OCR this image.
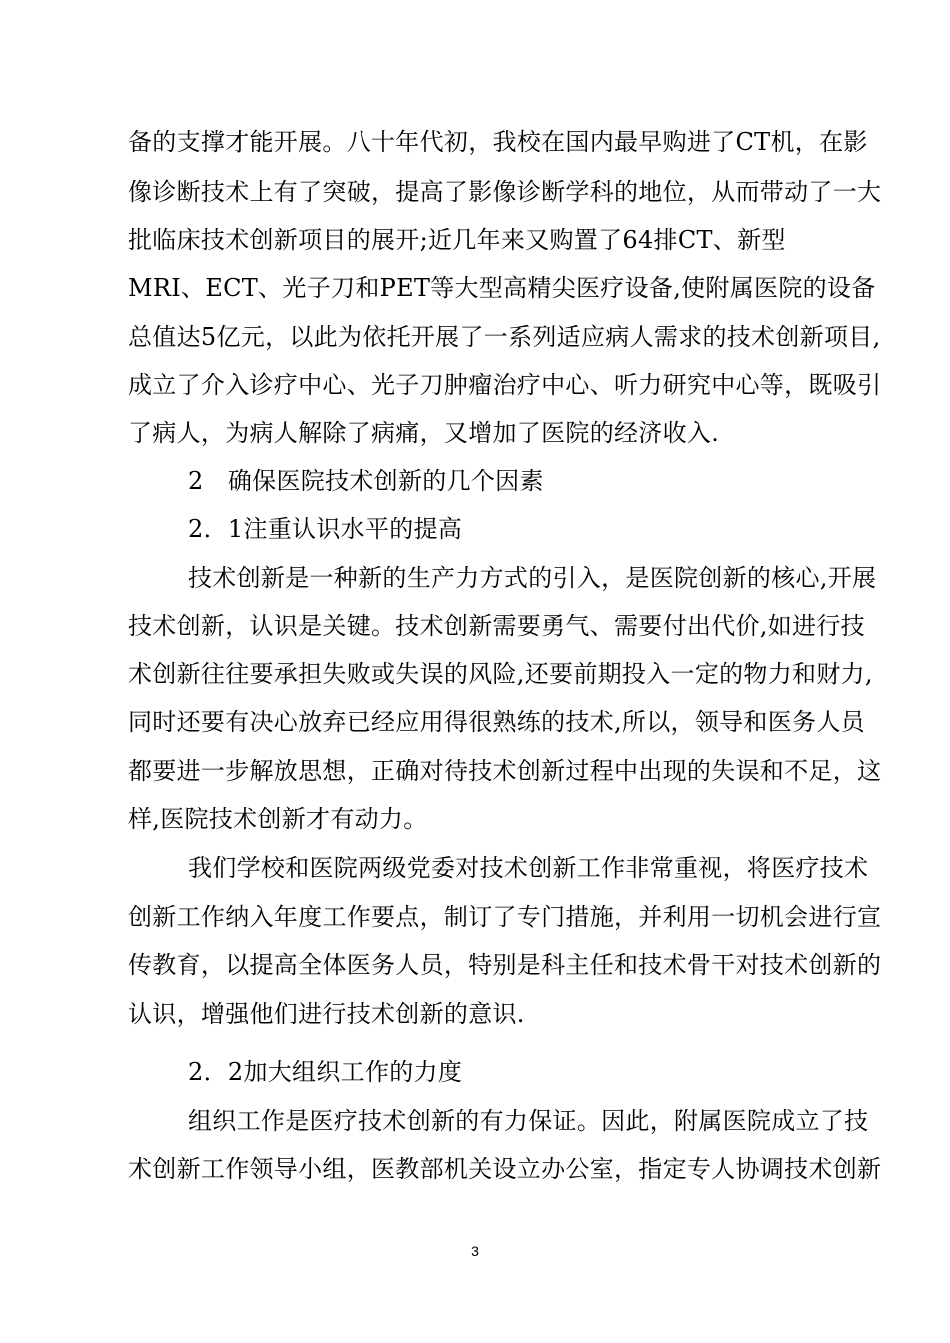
备的支撑才能开展。八十年代初，我校在国内最早购进了CT机，在影
像诊断技术上有了突破，提高了影像诊断学科的地位，从而带动了一大
批临床技术创新项目的展开;近几年来又购置了64排CT、新型
MRI、ECT、光子刀和PET等大型高精尖医疗设备,使附属医院的设备
总值达5亿元，以此为依托开展了一系列适应病人需求的技术创新项目,
成立了介入诊疗中心、光子刀肿瘤治疗中心、听力研究中心等，既吸引
了病人，为病人解除了病痛，又增加了医院的经济收入.
2　确保医院技术创新的几个因素
2．1注重认识水平的提高
技术创新是一种新的生产力方式的引入，是医院创新的核心,开展
技术创新，认识是关键。技术创新需要勇气、需要付出代价,如进行技
术创新往往要承担失败或失误的风险,还要前期投入一定的物力和财力,
同时还要有决心放弃已经应用得很熟练的技术,所以，领导和医务人员
都要进一步解放思想，正确对待技术创新过程中出现的失误和不足，这
样,医院技术创新才有动力。
我们学校和医院两级党委对技术创新工作非常重视，将医疗技术
创新工作纳入年度工作要点，制订了专门措施，并利用一切机会进行宣
传教育，以提高全体医务人员，特别是科主任和技术骨干对技术创新的
认识，增强他们进行技术创新的意识.
2．2加大组织工作的力度
组织工作是医疗技术创新的有力保证。因此，附属医院成立了技
术创新工作领导小组，医教部机关设立办公室，指定专人协调技术创新
3
